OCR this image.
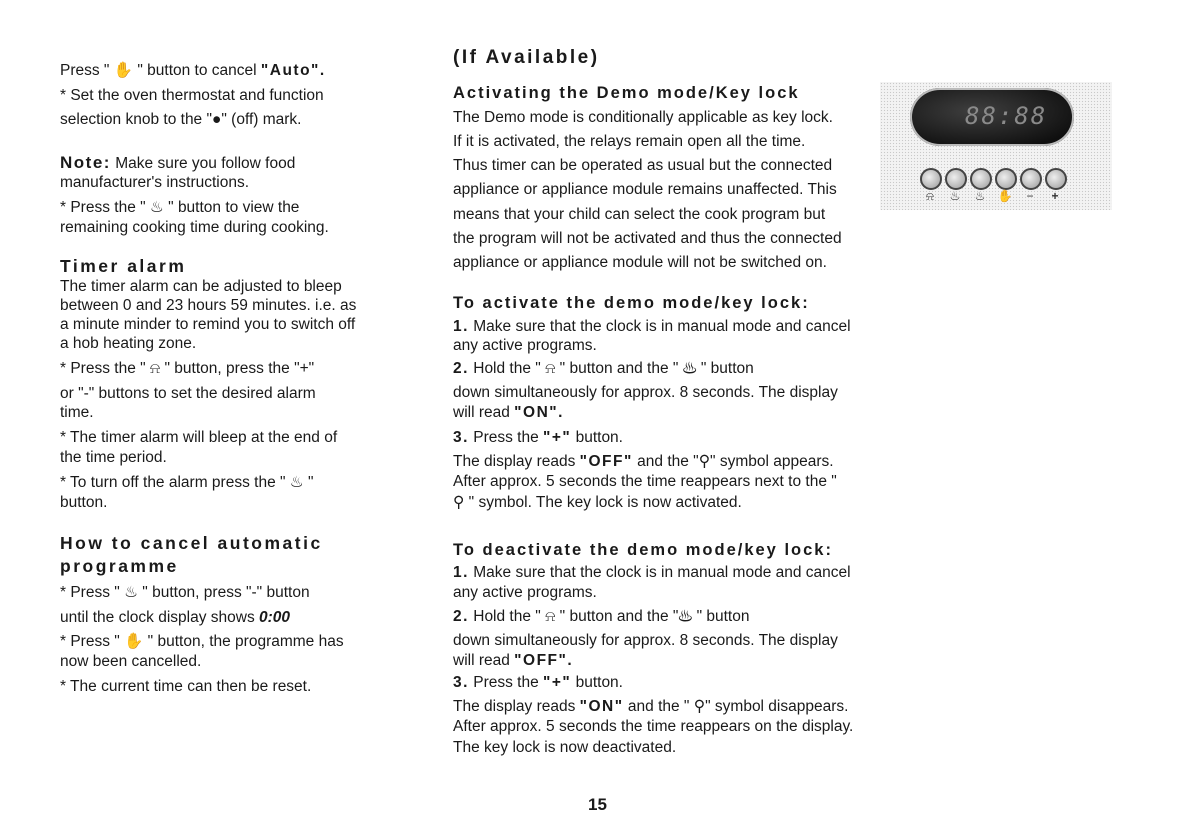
Press " ✋ " button to cancel "Auto".
* Set the oven thermostat and function
selection knob to the "●" (off) mark.
Note: Make sure you follow food
manufacturer's instructions.
* Press the " ♨ " button to view the
remaining cooking time during cooking.
Timer alarm
The timer alarm can be adjusted to bleep
between 0 and 23 hours 59 minutes. i.e. as
a minute minder to remind you to switch off
a hob heating zone.
* Press the " ⍾ " button, press the "+"
or "-" buttons to set the desired alarm
time.
* The timer alarm will bleep at the end of
the time period.
* To turn off the alarm press the " ♨ "
button.
How to cancel automatic
programme
* Press " ♨ " button, press "-" button
until the clock display shows 0:00
* Press " ✋ " button, the programme has
now been cancelled.
* The current time can then be reset.
(If Available)
Activating the Demo mode/Key lock
The Demo mode is conditionally applicable as key lock.
If it is activated, the relays remain open all the time.
Thus timer can be operated as usual but the connected
appliance or appliance module remains unaffected. This
means that your child can select the cook program but
the program will not be activated and thus the connected
appliance or appliance module will not be switched on.
To activate the demo mode/key lock:
1. Make sure that the clock is in manual mode and cancel
any active programs.
2. Hold the " ⍾ " button and the " ♨ " button
down simultaneously for approx. 8 seconds. The display
will read "ON".
3. Press the "+" button.
The display reads "OFF" and the "⚲" symbol appears.
After approx. 5 seconds the time reappears next to the "
⚲ " symbol. The key lock is now activated.
To deactivate the demo mode/key lock:
1. Make sure that the clock is in manual mode and cancel
any active programs.
2. Hold the " ⍾ " button and the "♨ " button
down simultaneously for approx. 8 seconds. The display
will read "OFF".
3. Press the "+" button.
The display reads "ON" and the " ⚲" symbol disappears.
After approx. 5 seconds the time reappears on the display.
The key lock is now deactivated.
88:88
⍾	♨	♨	✋	−	+
15
